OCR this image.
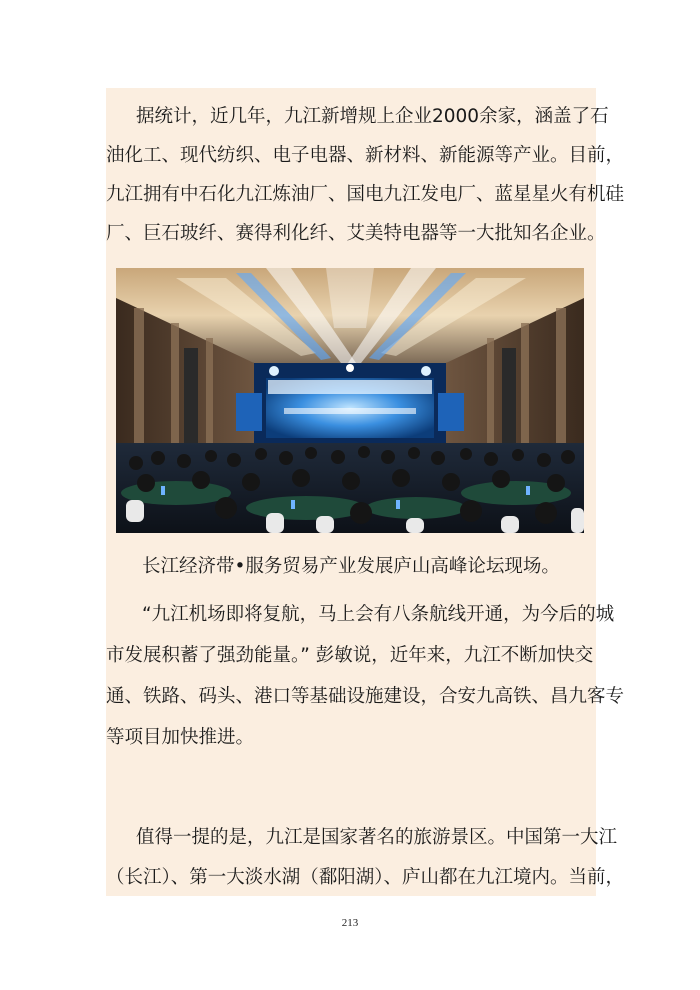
据统计，近几年，九江新增规上企业2000余家，涵盖了石

油化工、现代纺织、电子电器、新材料、新能源等产业。目前，

九江拥有中石化九江炼油厂、国电九江发电厂、蓝星星火有机硅

厂、巨石玻纤、赛得利化纤、艾美特电器等一大批知名企业。

长江经济带•服务贸易产业发展庐山高峰论坛现场。

“九江机场即将复航，马上会有八条航线开通，为今后的城

市发展积蓄了强劲能量。” 彭敏说，近年来，九江不断加快交

通、铁路、码头、港口等基础设施建设，合安九高铁、昌九客专

等项目加快推进。

值得一提的是，九江是国家著名的旅游景区。中国第一大江

（长江）、第一大淡水湖（鄱阳湖）、庐山都在九江境内。当前，

213
